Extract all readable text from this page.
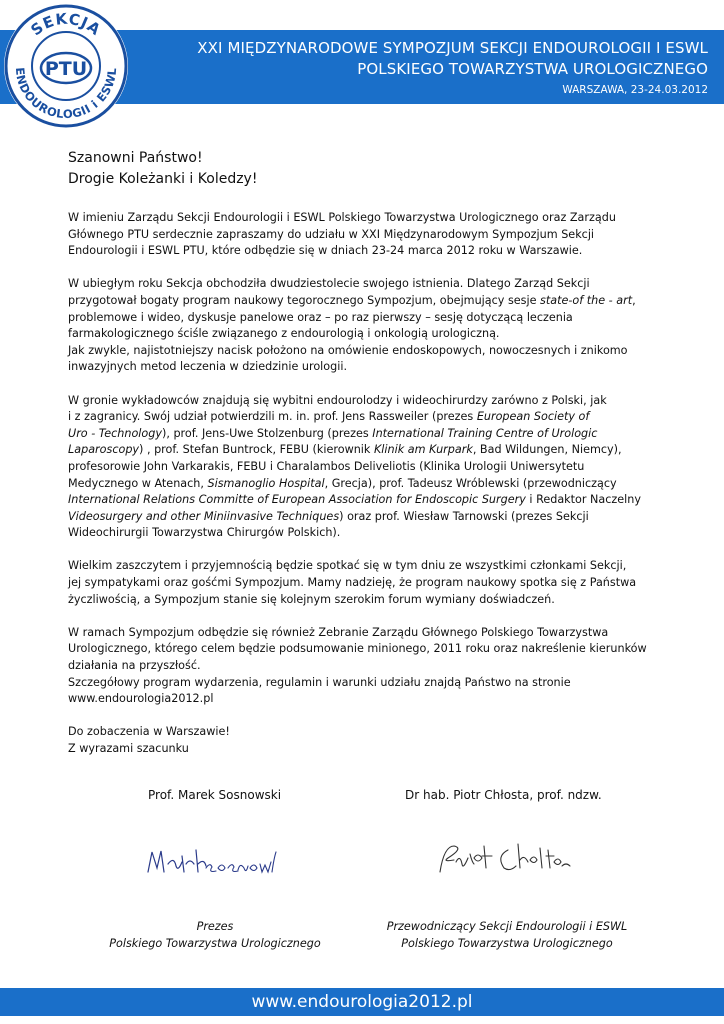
XXI MIĘDZYNARODOWE SYMPOZJUM SEKCJI ENDOUROLOGII I ESWL
POLSKIEGO TOWARZYSTWA UROLOGICZNEGO
WARSZAWA, 23-24.03.2012
SEKCJA
ENDOUROLOGII i ESWL
PTU
Szanowni Państwo!
Drogie Koleżanki i Koledzy!

W imieniu Zarządu Sekcji Endourologii i ESWL Polskiego Towarzystwa Urologicznego oraz Zarządu
Głównego PTU serdecznie zapraszamy do udziału w XXI Międzynarodowym Sympozjum Sekcji
Endourologii i ESWL PTU, które odbędzie się w dniach 23-24 marca 2012 roku w Warszawie.

W ubiegłym roku Sekcja obchodziła dwudziestolecie swojego istnienia. Dlatego Zarząd Sekcji
przygotował bogaty program naukowy tegorocznego Sympozjum, obejmujący sesje state-of the - art,
problemowe i wideo, dyskusje panelowe oraz – po raz pierwszy – sesję dotyczącą leczenia
farmakologicznego ściśle związanego z endourologią i onkologią urologiczną.
Jak zwykle, najistotniejszy nacisk położono na omówienie endoskopowych, nowoczesnych i znikomo
inwazyjnych metod leczenia w dziedzinie urologii.

W gronie wykładowców znajdują się wybitni endourolodzy i wideochirurdzy zarówno z Polski, jak
i z zagranicy. Swój udział potwierdzili m. in. prof. Jens Rassweiler (prezes European Society of
Uro - Technology), prof. Jens-Uwe Stolzenburg (prezes International Training Centre of Urologic
Laparoscopy) , prof. Stefan Buntrock, FEBU (kierownik Klinik am Kurpark, Bad Wildungen, Niemcy),
profesorowie John Varkarakis, FEBU i Charalambos Deliveliotis (Klinika Urologii Uniwersytetu
Medycznego w Atenach, Sismanoglio Hospital, Grecja), prof. Tadeusz Wróblewski (przewodniczący
International Relations Committe of European Association for Endoscopic Surgery i Redaktor Naczelny
Videosurgery and other Miniinvasive Techniques) oraz prof. Wiesław Tarnowski (prezes Sekcji
Wideochirurgii Towarzystwa Chirurgów Polskich).

Wielkim zaszczytem i przyjemnością będzie spotkać się w tym dniu ze wszystkimi członkami Sekcji,
jej sympatykami oraz gośćmi Sympozjum. Mamy nadzieję, że program naukowy spotka się z Państwa
życzliwością, a Sympozjum stanie się kolejnym szerokim forum wymiany doświadczeń.

W ramach Sympozjum odbędzie się również Zebranie Zarządu Głównego Polskiego Towarzystwa
Urologicznego, którego celem będzie podsumowanie minionego, 2011 roku oraz nakreślenie kierunków
działania na przyszłość.
Szczegółowy program wydarzenia, regulamin i warunki udziału znajdą Państwo na stronie
www.endourologia2012.pl

Do zobaczenia w Warszawie!
Z wyrazami szacunku

Prof. Marek Sosnowski	Dr hab. Piotr Chłosta, prof. ndzw.
Prezes
Polskiego Towarzystwa Urologicznego
Przewodniczący Sekcji Endourologii i ESWL
Polskiego Towarzystwa Urologicznego
www.endourologia2012.pl
